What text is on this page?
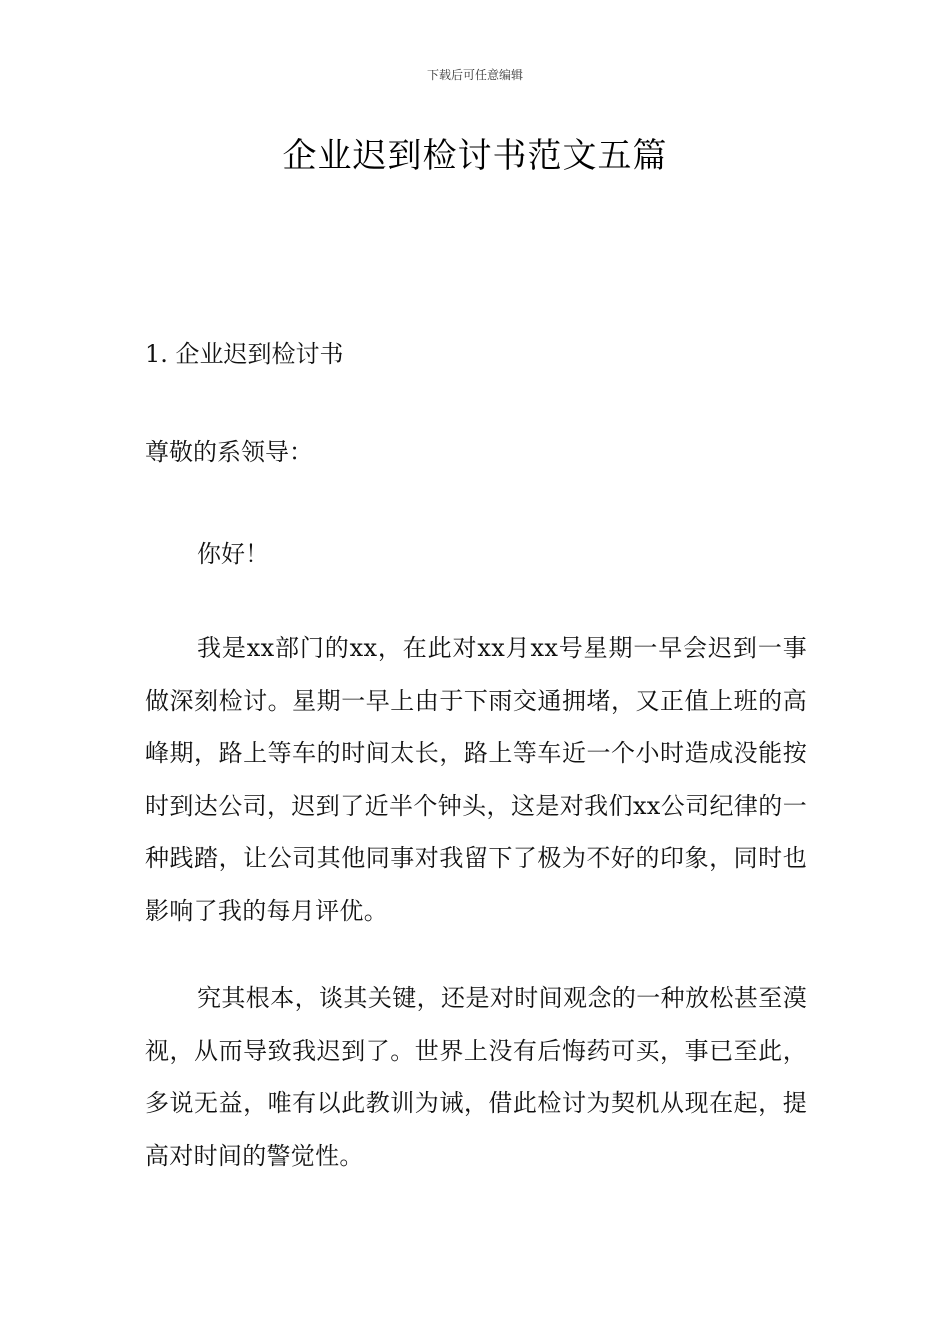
下载后可任意编辑
企业迟到检讨书范文五篇
1. 企业迟到检讨书

尊敬的系领导：

你好！

我是xx部门的xx，在此对xx月xx号星期一早会迟到一事做深刻检讨。星期一早上由于下雨交通拥堵，又正值上班的高峰期，路上等车的时间太长，路上等车近一个小时造成没能按时到达公司，迟到了近半个钟头，这是对我们xx公司纪律的一种践踏，让公司其他同事对我留下了极为不好的印象，同时也影响了我的每月评优。

究其根本，谈其关键，还是对时间观念的一种放松甚至漠视，从而导致我迟到了。世界上没有后悔药可买，事已至此，多说无益，唯有以此教训为诫，借此检讨为契机从现在起，提高对时间的警觉性。
